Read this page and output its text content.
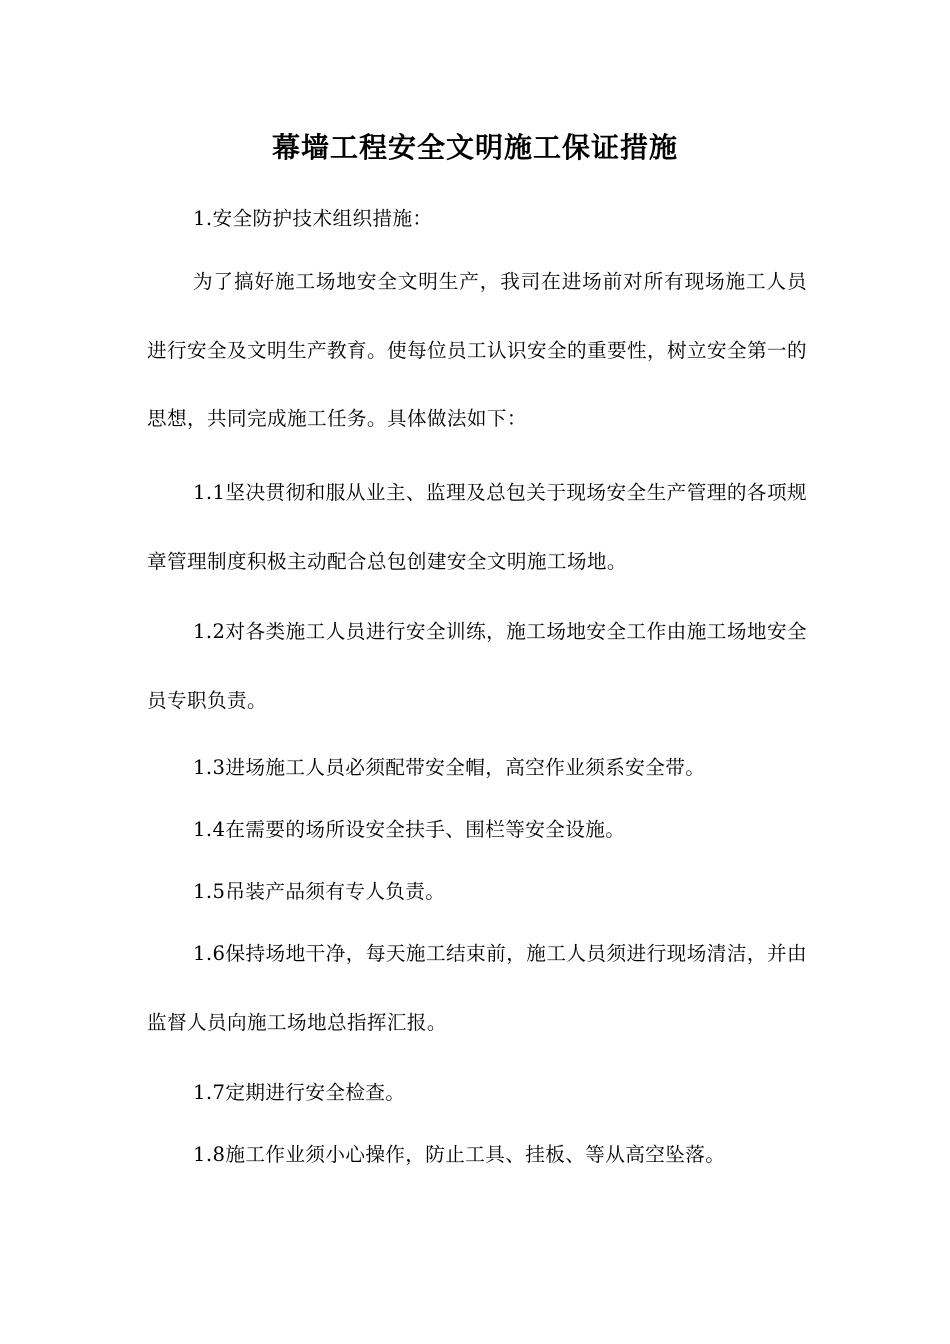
幕墙工程安全文明施工保证措施

1.安全防护技术组织措施：

为了搞好施工场地安全文明生产，我司在进场前对所有现场施工人员进行安全及文明生产教育。使每位员工认识安全的重要性，树立安全第一的思想，共同完成施工任务。具体做法如下：

1.1坚决贯彻和服从业主、监理及总包关于现场安全生产管理的各项规章管理制度积极主动配合总包创建安全文明施工场地。

1.2对各类施工人员进行安全训练，施工场地安全工作由施工场地安全员专职负责。

1.3进场施工人员必须配带安全帽，高空作业须系安全带。

1.4在需要的场所设安全扶手、围栏等安全设施。

1.5吊装产品须有专人负责。

1.6保持场地干净，每天施工结束前，施工人员须进行现场清洁，并由监督人员向施工场地总指挥汇报。

1.7定期进行安全检查。

1.8施工作业须小心操作，防止工具、挂板、等从高空坠落。
